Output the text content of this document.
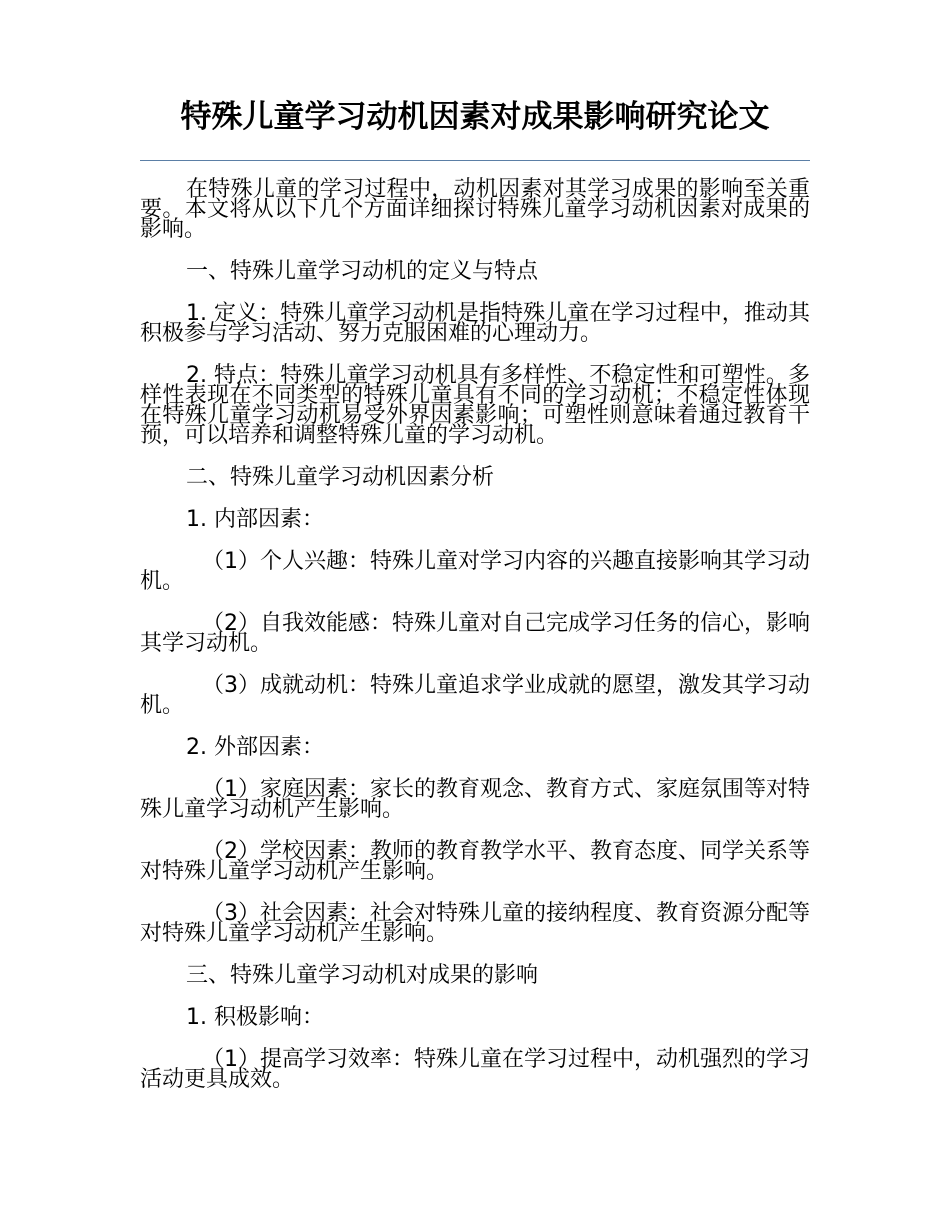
特殊儿童学习动机因素对成果影响研究论文

在特殊儿童的学习过程中，动机因素对其学习成果的影响至关重要。本文将从以下几个方面详细探讨特殊儿童学习动机因素对成果的影响。

一、特殊儿童学习动机的定义与特点

1. 定义：特殊儿童学习动机是指特殊儿童在学习过程中，推动其积极参与学习活动、努力克服困难的心理动力。

2. 特点：特殊儿童学习动机具有多样性、不稳定性和可塑性。多样性表现在不同类型的特殊儿童具有不同的学习动机；不稳定性体现在特殊儿童学习动机易受外界因素影响；可塑性则意味着通过教育干预，可以培养和调整特殊儿童的学习动机。

二、特殊儿童学习动机因素分析

1. 内部因素：

（1）个人兴趣：特殊儿童对学习内容的兴趣直接影响其学习动机。

（2）自我效能感：特殊儿童对自己完成学习任务的信心，影响其学习动机。

（3）成就动机：特殊儿童追求学业成就的愿望，激发其学习动机。

2. 外部因素：

（1）家庭因素：家长的教育观念、教育方式、家庭氛围等对特殊儿童学习动机产生影响。

（2）学校因素：教师的教育教学水平、教育态度、同学关系等对特殊儿童学习动机产生影响。

（3）社会因素：社会对特殊儿童的接纳程度、教育资源分配等对特殊儿童学习动机产生影响。

三、特殊儿童学习动机对成果的影响

1. 积极影响：

（1）提高学习效率：特殊儿童在学习过程中，动机强烈的学习活动更具成效。
